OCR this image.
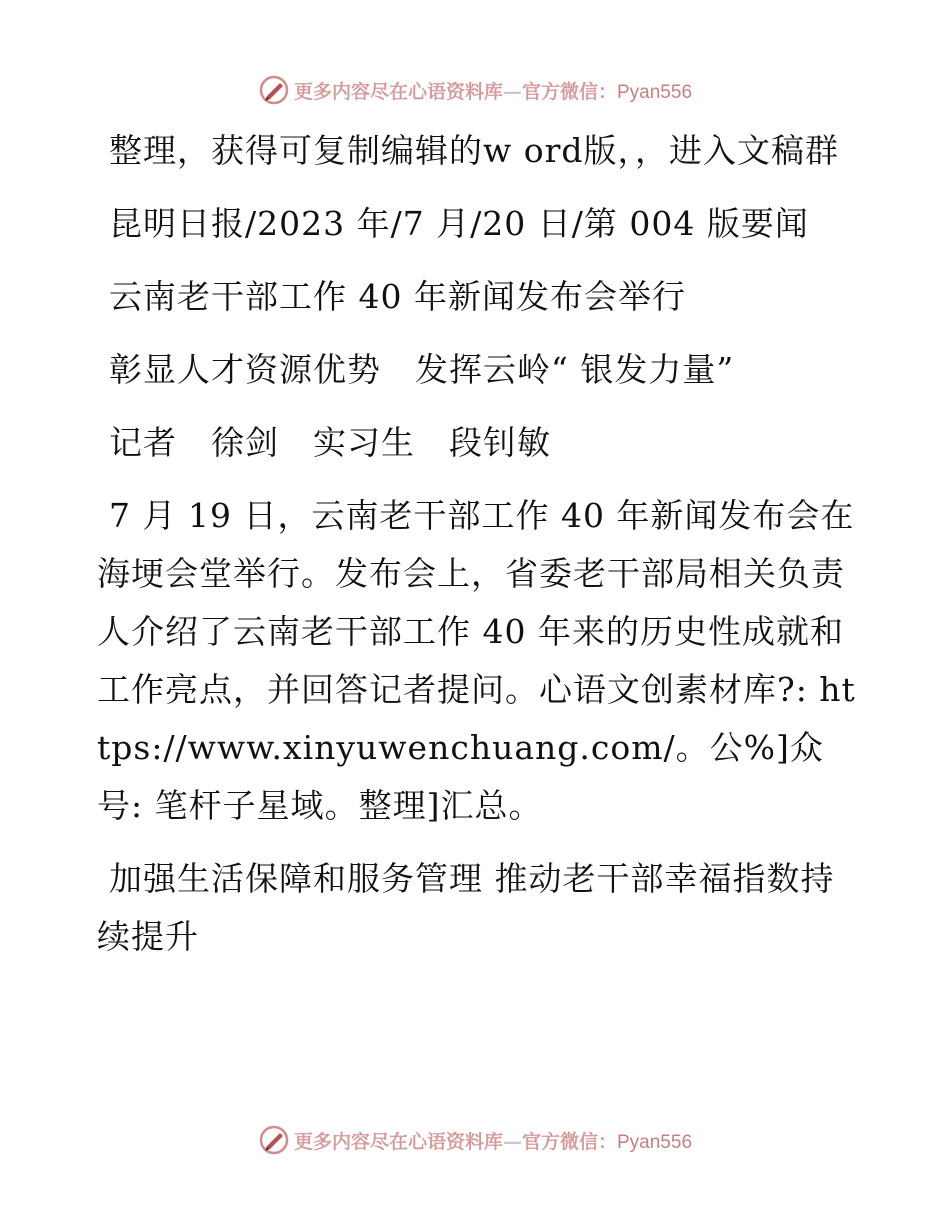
更多内容尽在心语资料库—官方微信：Pyan556

整理，获得可复制编辑的w ord版，，进入文稿群

昆明日报/2023 年/7 月/20 日/第 004 版要闻

云南老干部工作 40 年新闻发布会举行

彰显人才资源优势　发挥云岭“ 银发力量”

记者　徐剑　实习生　段钊敏

7 月 19 日，云南老干部工作 40 年新闻发布会在海埂会堂举行。发布会上，省委老干部局相关负责人介绍了云南老干部工作 40 年来的历史性成就和工作亮点，并回答记者提问。心语文创素材库?: https://www.xinyuwenchuang.com/。公%]众号: 笔杆子星域。整理]汇总。

加强生活保障和服务管理 推动老干部幸福指数持续提升

更多内容尽在心语资料库—官方微信：Pyan556
